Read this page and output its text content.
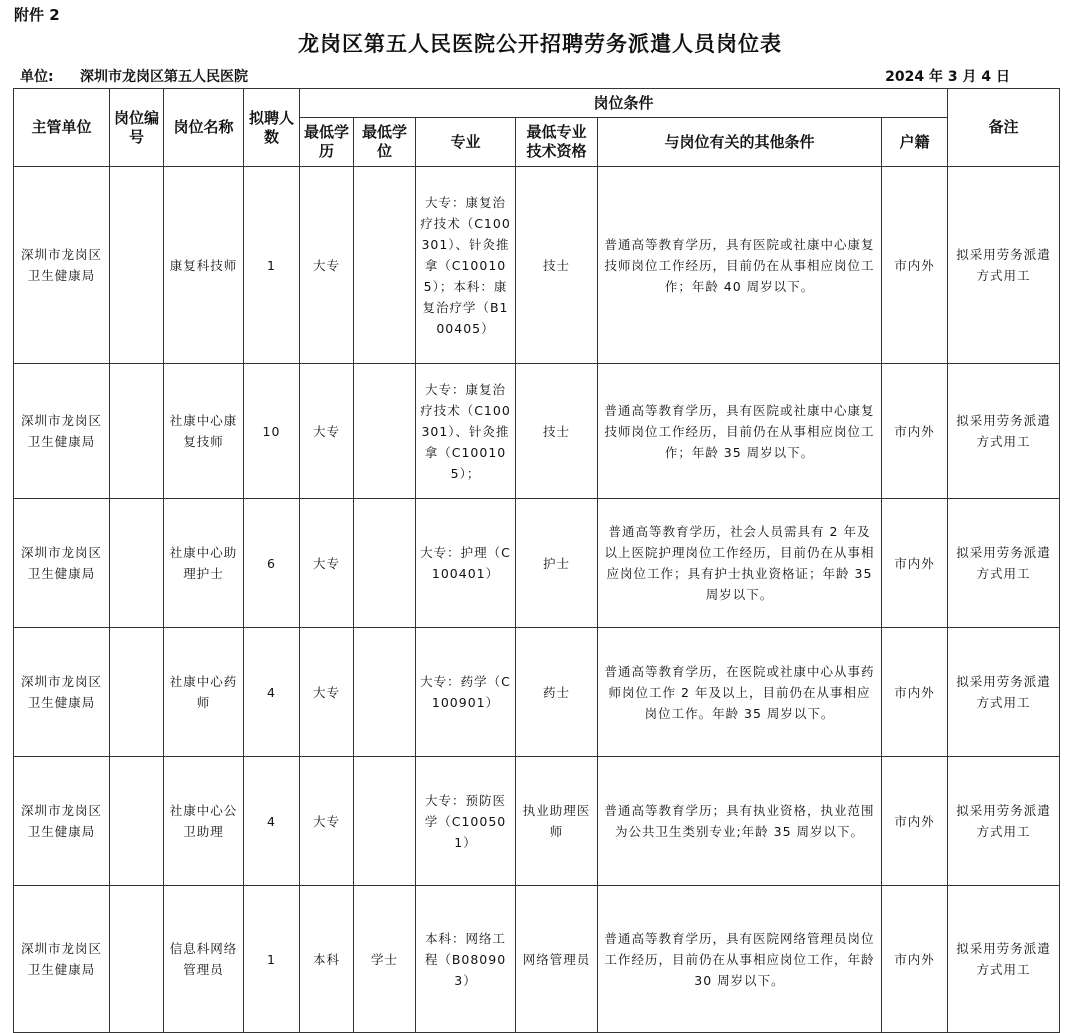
附件 2
龙岗区第五人民医院公开招聘劳务派遣人员岗位表
单位: 深圳市龙岗区第五人民医院	2024 年 3 月 4 日
主管单位	岗位编号	岗位名称	拟聘人数	岗位条件						备注
				最低学历	最低学位	专业	最低专业技术资格	与岗位有关的其他条件	户籍	
深圳市龙岗区卫生健康局		康复科技师	1	大专		大专：康复治疗技术（C100301）、针灸推拿（C100105）；本科：康复治疗学（B100405）	技士	普通高等教育学历，具有医院或社康中心康复技师岗位工作经历，目前仍在从事相应岗位工作；年龄 40 周岁以下。	市内外	拟采用劳务派遣方式用工
深圳市龙岗区卫生健康局		社康中心康复技师	10	大专		大专：康复治疗技术（C100301）、针灸推拿（C100105）；	技士	普通高等教育学历，具有医院或社康中心康复技师岗位工作经历，目前仍在从事相应岗位工作；年龄 35 周岁以下。	市内外	拟采用劳务派遣方式用工
深圳市龙岗区卫生健康局		社康中心助理护士	6	大专		大专：护理（C100401）	护士	普通高等教育学历，社会人员需具有 2 年及以上医院护理岗位工作经历，目前仍在从事相应岗位工作；具有护士执业资格证；年龄 35 周岁以下。	市内外	拟采用劳务派遣方式用工
深圳市龙岗区卫生健康局		社康中心药师	4	大专		大专：药学（C100901）	药士	普通高等教育学历，在医院或社康中心从事药师岗位工作 2 年及以上，目前仍在从事相应岗位工作。年龄 35 周岁以下。	市内外	拟采用劳务派遣方式用工
深圳市龙岗区卫生健康局		社康中心公卫助理	4	大专		大专：预防医学（C100501）	执业助理医师	普通高等教育学历；具有执业资格，执业范围为公共卫生类别专业;年龄 35 周岁以下。	市内外	拟采用劳务派遣方式用工
深圳市龙岗区卫生健康局		信息科网络管理员	1	本科	学士	本科：网络工程（B080903）	网络管理员	普通高等教育学历，具有医院网络管理员岗位工作经历，目前仍在从事相应岗位工作，年龄 30 周岁以下。	市内外	拟采用劳务派遣方式用工
